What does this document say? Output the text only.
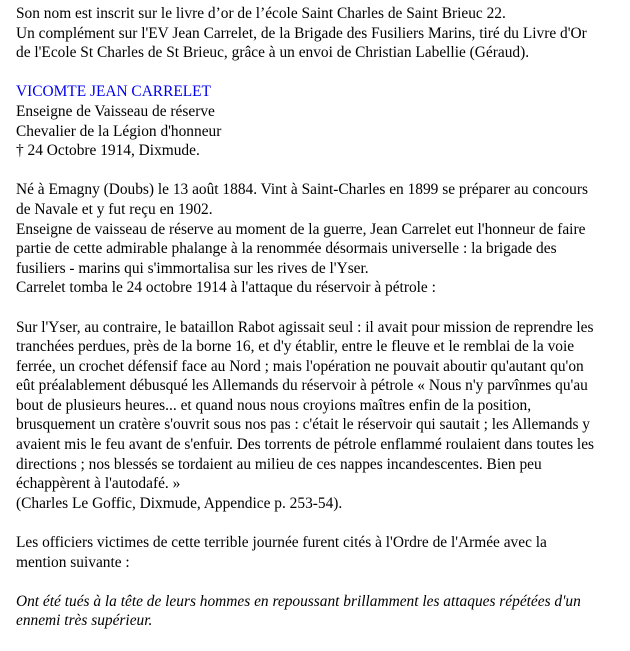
Son nom est inscrit sur le livre d’or de l’école Saint Charles de Saint Brieuc 22.
Un complément sur l'EV Jean Carrelet, de la Brigade des Fusiliers Marins, tiré du Livre d'Or
de l'Ecole St Charles de St Brieuc, grâce à un envoi de Christian Labellie (Géraud).
VICOMTE JEAN CARRELET
Enseigne de Vaisseau de réserve
Chevalier de la Légion d'honneur
† 24 Octobre 1914, Dixmude.
Né à Emagny (Doubs) le 13 août 1884. Vint à Saint-Charles en 1899 se préparer au concours
de Navale et y fut reçu en 1902.
Enseigne de vaisseau de réserve au moment de la guerre, Jean Carrelet eut l'honneur de faire
partie de cette admirable phalange à la renommée désormais universelle : la brigade des
fusiliers - marins qui s'immortalisa sur les rives de l'Yser.
Carrelet tomba le 24 octobre 1914 à l'attaque du réservoir à pétrole :
Sur l'Yser, au contraire, le bataillon Rabot agissait seul : il avait pour mission de reprendre les
tranchées perdues, près de la borne 16, et d'y établir, entre le fleuve et le remblai de la voie
ferrée, un crochet défensif face au Nord ; mais l'opération ne pouvait aboutir qu'autant qu'on
eût préalablement débusqué les Allemands du réservoir à pétrole « Nous n'y parvînmes qu'au
bout de plusieurs heures... et quand nous nous croyions maîtres enfin de la position,
brusquement un cratère s'ouvrit sous nos pas : c'était le réservoir qui sautait ; les Allemands y
avaient mis le feu avant de s'enfuir. Des torrents de pétrole enflammé roulaient dans toutes les
directions ; nos blessés se tordaient au milieu de ces nappes incandescentes. Bien peu
échappèrent à l'autodafé. »
(Charles Le Goffic, Dixmude, Appendice p. 253-54).
Les officiers victimes de cette terrible journée furent cités à l'Ordre de l'Armée avec la
mention suivante :
Ont été tués à la tête de leurs hommes en repoussant brillamment les attaques répétées d'un
ennemi très supérieur.
